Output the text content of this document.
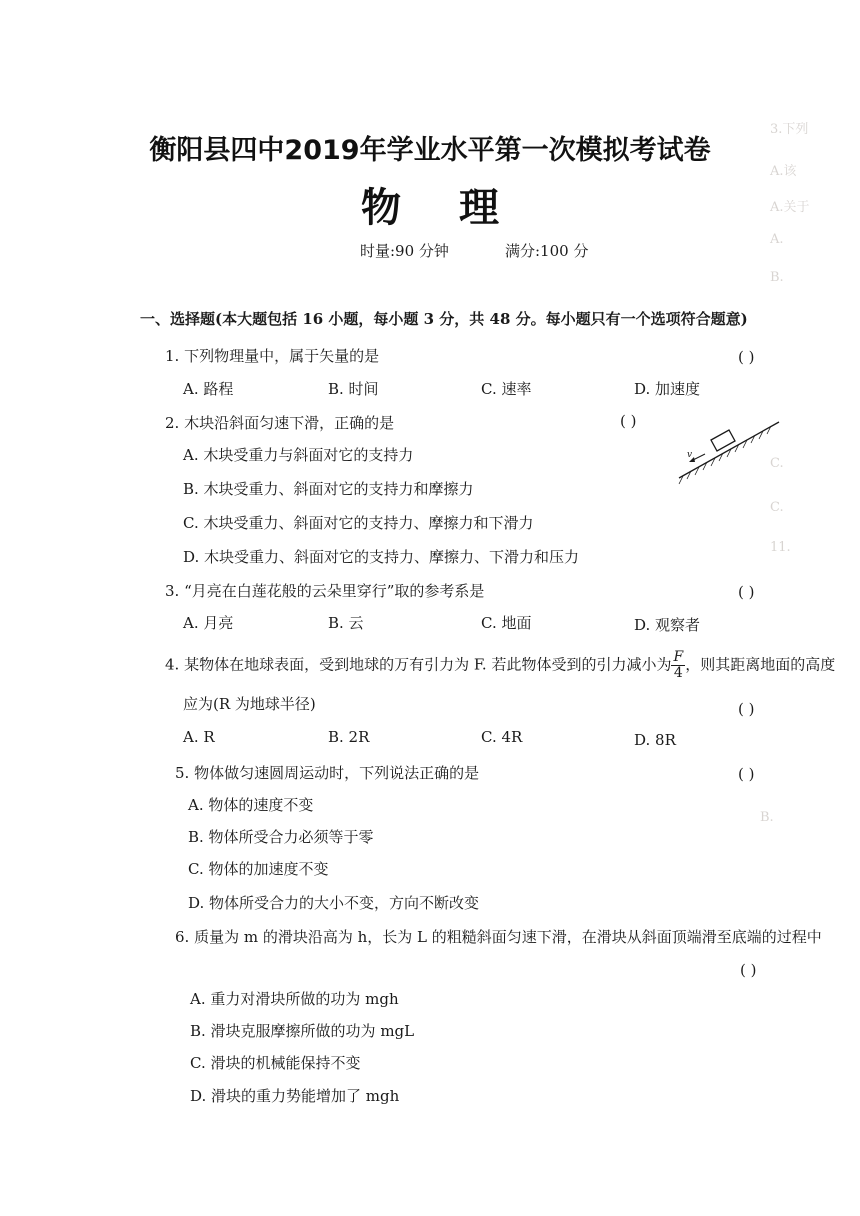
3.下列
A.该
A.关于
A.
B.
C.
C.
11.
B.
衡阳县四中2019年学业水平第一次模拟考试卷
物理
时量:90 分钟	满分:100 分
一、选择题(本大题包括 16 小题，每小题 3 分，共 48 分。每小题只有一个选项符合题意)
1. 下列物理量中，属于矢量的是	( )
A. 路程	B. 时间	C. 速率	D. 加速度
2. 木块沿斜面匀速下滑，正确的是	( )
A. 木块受重力与斜面对它的支持力
B. 木块受重力、斜面对它的支持力和摩擦力
C. 木块受重力、斜面对它的支持力、摩擦力和下滑力
D. 木块受重力、斜面对它的支持力、摩擦力、下滑力和压力
v
3. “月亮在白莲花般的云朵里穿行”取的参考系是	( )
A. 月亮	B. 云	C. 地面	D. 观察者
4. 某物体在地球表面，受到地球的万有引力为 F. 若此物体受到的引力减小为 $\frac{F}{4}$ ，则其距离地面的高度
应为(R 为地球半径)	( )
A. R	B. 2R	C. 4R	D. 8R
5. 物体做匀速圆周运动时，下列说法正确的是	( )
A. 物体的速度不变
B. 物体所受合力必须等于零
C. 物体的加速度不变
D. 物体所受合力的大小不变，方向不断改变
6. 质量为 m 的滑块沿高为 h，长为 L 的粗糙斜面匀速下滑，在滑块从斜面顶端滑至底端的过程中
( )
A. 重力对滑块所做的功为 mgh
B. 滑块克服摩擦所做的功为 mgL
C. 滑块的机械能保持不变
D. 滑块的重力势能增加了 mgh
